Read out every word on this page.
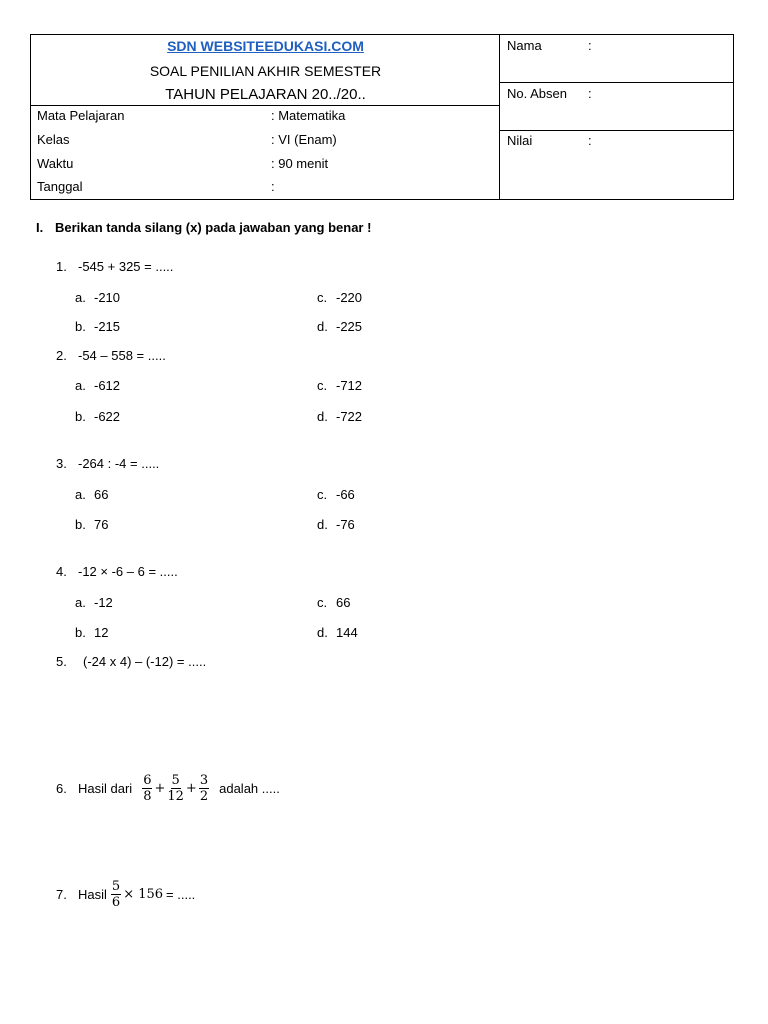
SDN WEBSITEEDUKASI.COM
SOAL PENILIAN AKHIR SEMESTER
TAHUN PELAJARAN 20../20..
Mata Pelajaran	: Matematika
Kelas	: VI (Enam)
Waktu	: 90 menit
Tanggal	:
Nama	:
No. Absen :
Nilai	:
I. Berikan tanda silang (x) pada jawaban yang benar !
1. -545 + 325 = .....
a. -210	c. -220
b. -215	d. -225
2. -54 – 558 = .....
a. -612	c. -712
b. -622	d. -722
3. -264 : -4 = .....
a. 66	c. -66
b. 76	d. -76
4. -12 × -6 – 6 = .....
a. -12	c. 66
b. 12	d. 144
5. (-24 x 4) – (-12) = .....
6. Hasil dari $\frac{6}{8} + \frac{5}{12} + \frac{3}{2}$ adalah .....
7. Hasil $\frac{5}{6} \times 156$ = .....
